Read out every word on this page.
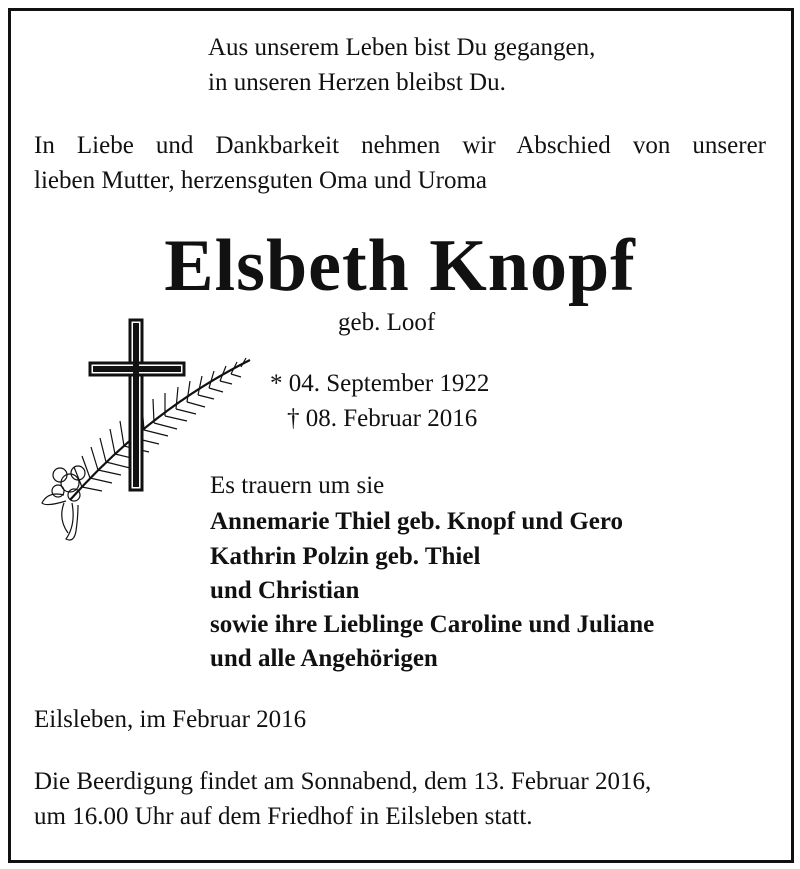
Aus unserem Leben bist Du gegangen,
in unseren Herzen bleibst Du.
In Liebe und Dankbarkeit nehmen wir Abschied von unserer
lieben Mutter, herzensguten Oma und Uroma
Elsbeth Knopf
geb. Loof
* 04. September 1922
† 08. Februar 2016
Es trauern um sie
Annemarie Thiel geb. Knopf und Gero
Kathrin Polzin geb. Thiel
und Christian
sowie ihre Lieblinge Caroline und Juliane
und alle Angehörigen
Eilsleben, im Februar 2016
Die Beerdigung findet am Sonnabend, dem 13. Februar 2016,
um 16.00 Uhr auf dem Friedhof in Eilsleben statt.
